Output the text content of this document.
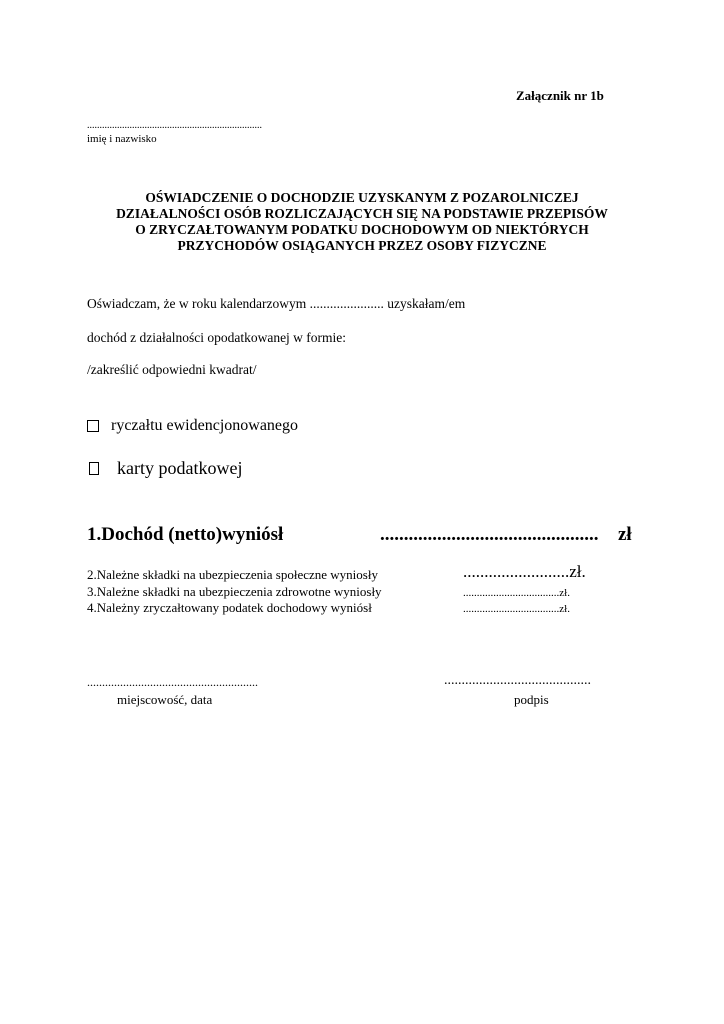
Załącznik nr 1b
......................................................................
imię i nazwisko
OŚWIADCZENIE O DOCHODZIE UZYSKANYM Z POZAROLNICZEJ
DZIAŁALNOŚCI OSÓB ROZLICZAJĄCYCH SIĘ NA PODSTAWIE PRZEPISÓW
O ZRYCZAŁTOWANYM PODATKU DOCHODOWYM OD NIEKTÓRYCH
PRZYCHODÓW OSIĄGANYCH PRZEZ OSOBY FIZYCZNE
Oświadczam, że w roku kalendarzowym ...................... uzyskałam/em
dochód z działalności opodatkowanej w formie:
/zakreślić odpowiedni kwadrat/
ryczałtu ewidencjonowanego
karty podatkowej
1.Dochód (netto)wyniósł	.............................................. zł
2.Należne składki na ubezpieczenia społeczne wyniosły	.........................zł.
3.Należne składki na ubezpieczenia zdrowotne wyniosły	...................................zł.
4.Należny zryczałtowany podatek dochodowy wyniósł	...................................zł.
.........................................................	..........................................
miejscowość, data	podpis
